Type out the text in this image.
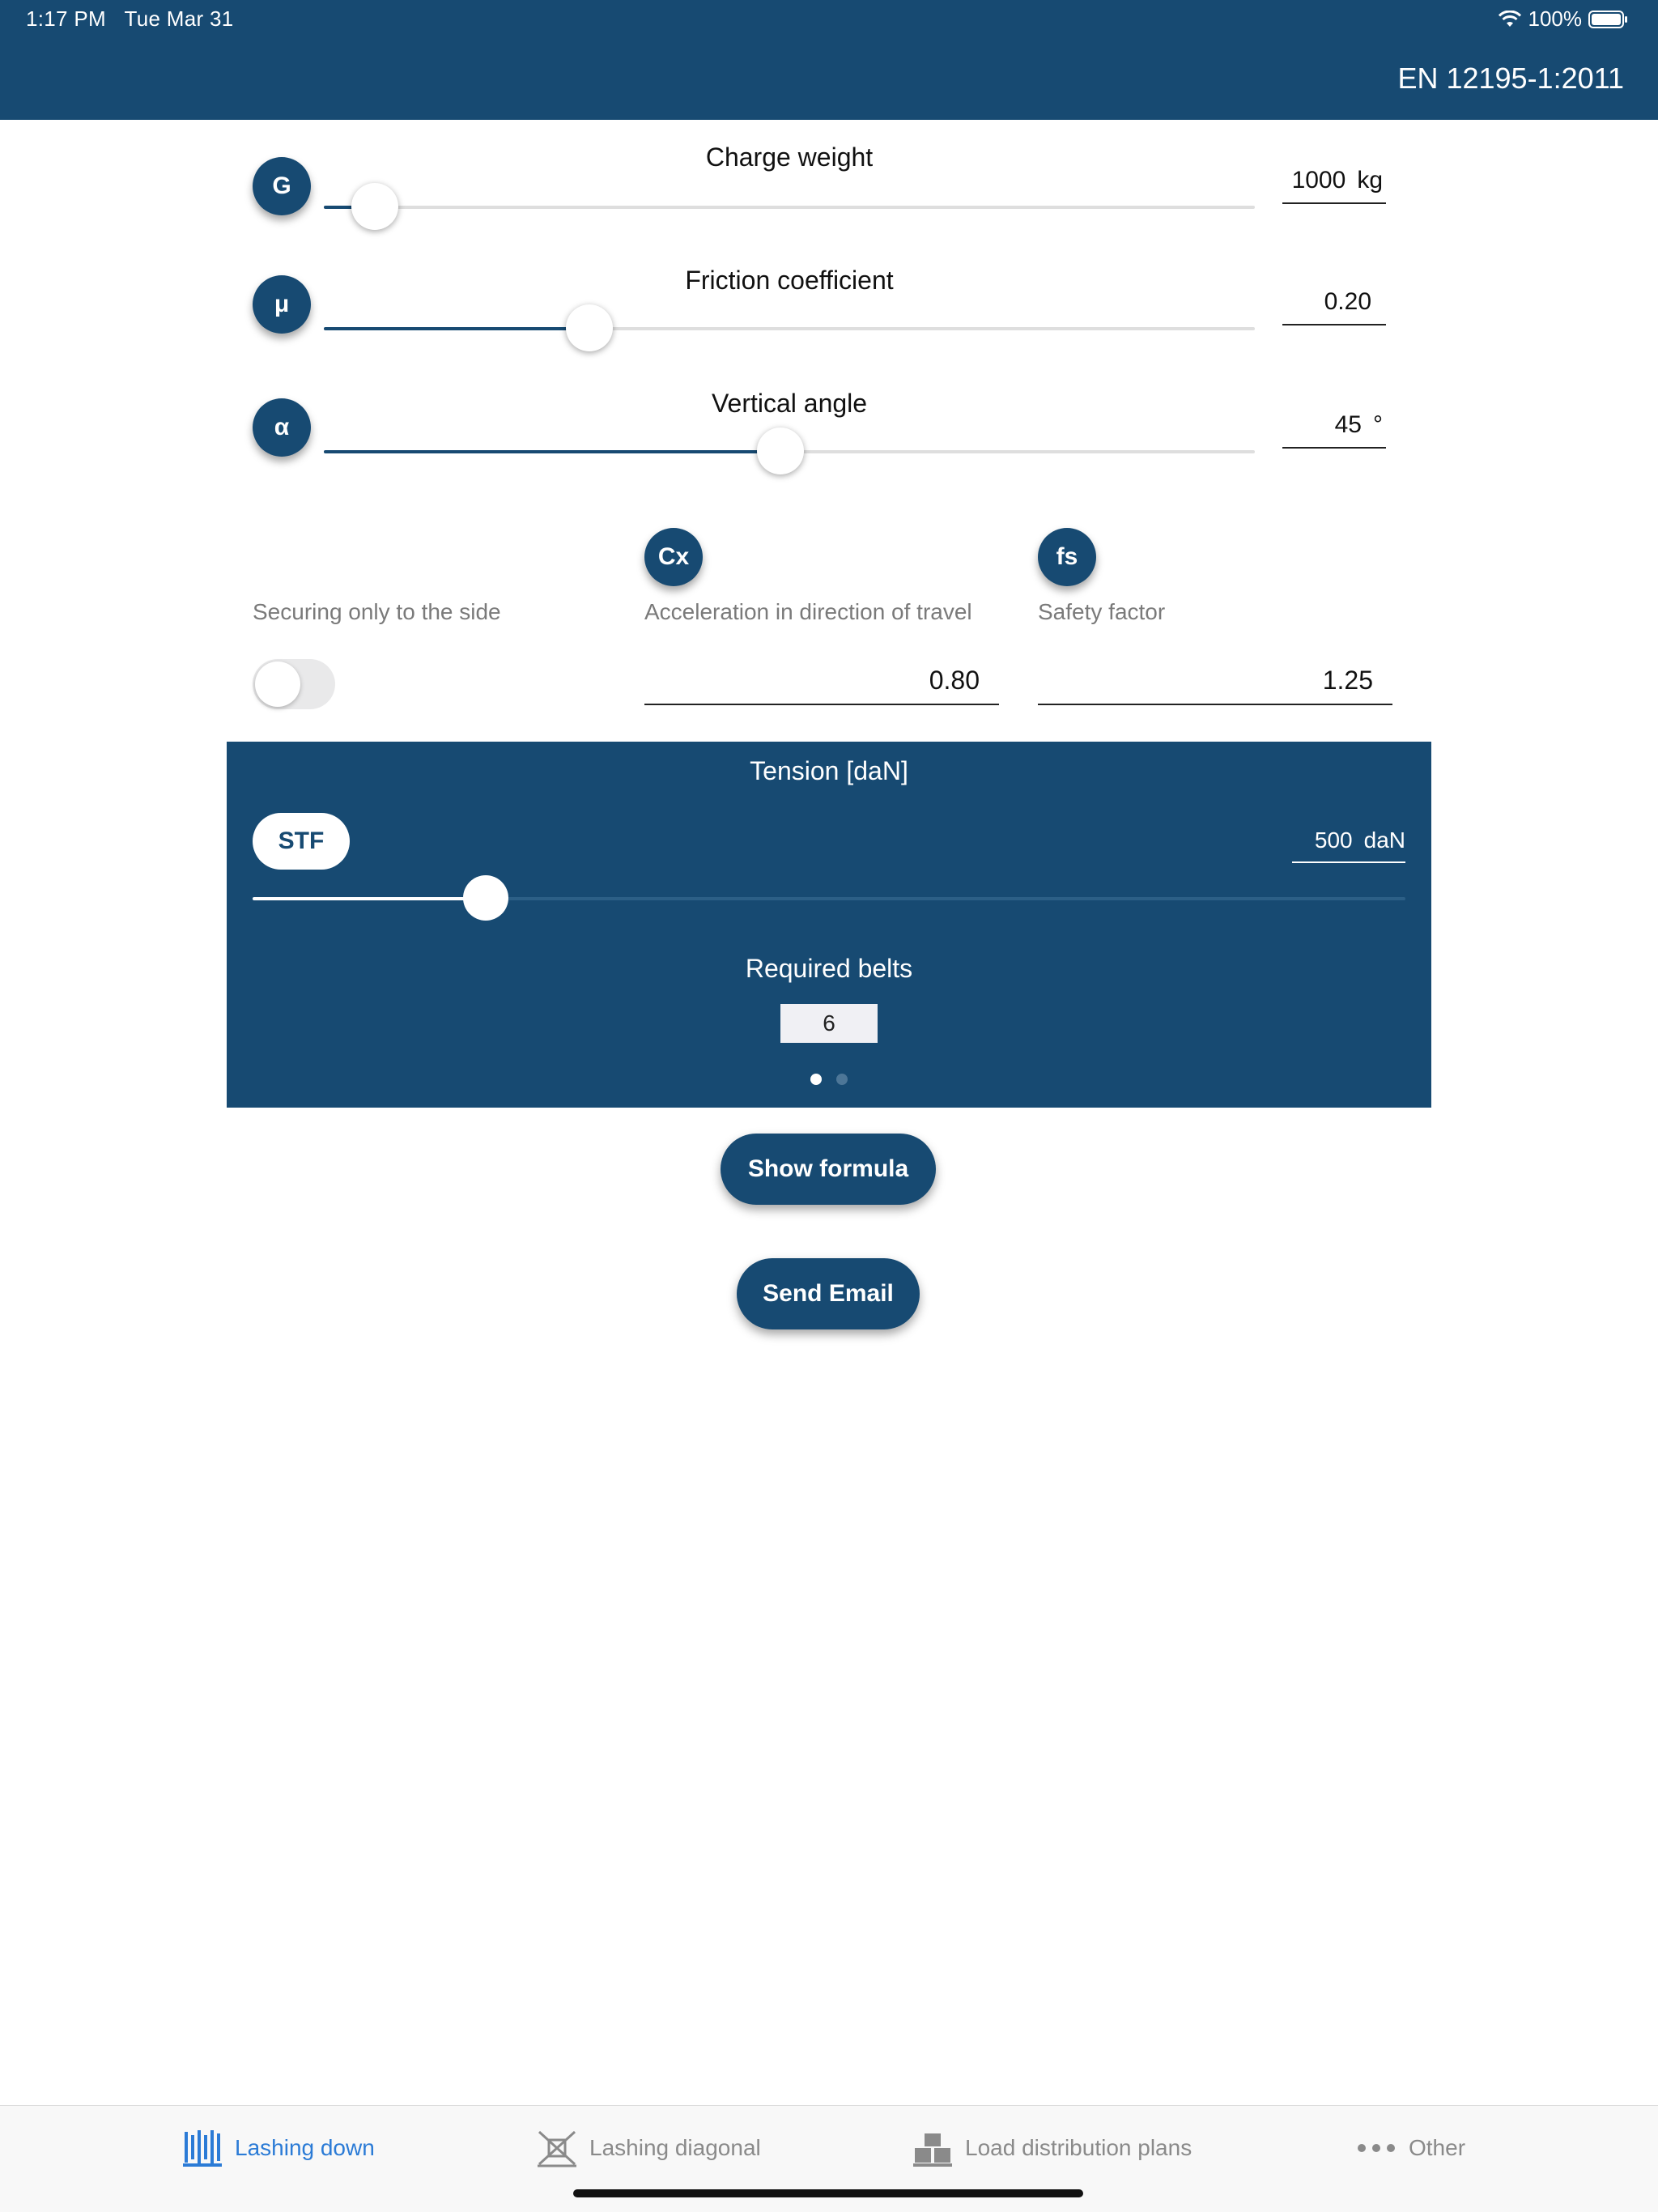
1:17 PM Tue Mar 31	100%
EN 12195-1:2011
G
Charge weight
1000 kg
μ
Friction coefficient
0.20
α
Vertical angle
45 °
Securing only to the side
Cx
Acceleration in direction of travel
0.80
fs
Safety factor
1.25
Tension [daN]
STF	500 daN
Required belts
6
Show formula
Send Email
Lashing down	Lashing diagonal	Load distribution plans	Other
